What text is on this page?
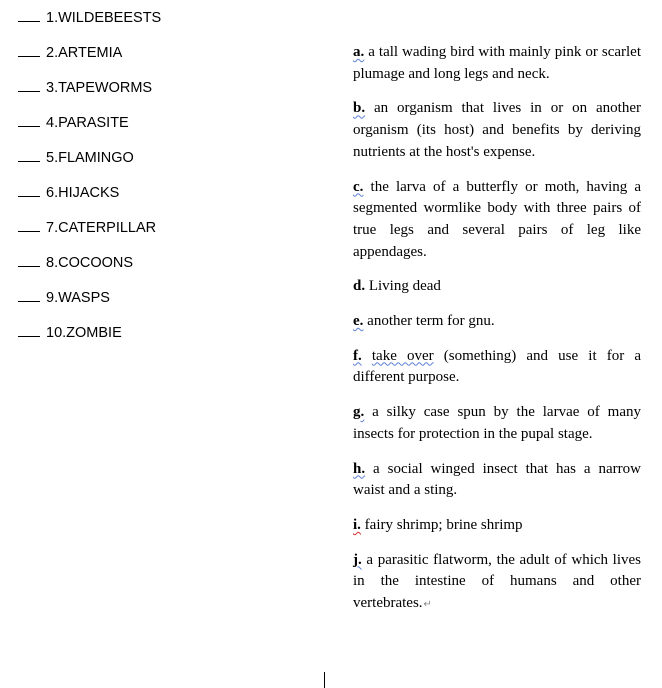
1.WILDEBEESTS
2.ARTEMIA
3.TAPEWORMS
4.PARASITE
5.FLAMINGO
6.HIJACKS
7.CATERPILLAR
8.COCOONS
9.WASPS
10.ZOMBIE
a. a tall wading bird with mainly pink or scarlet plumage and long legs and neck.
b. an organism that lives in or on another organism (its host) and benefits by deriving nutrients at the host's expense.
c. the larva of a butterfly or moth, having a segmented wormlike body with three pairs of true legs and several pairs of leg like appendages.
d. Living dead
e. another term for gnu.
f. take over (something) and use it for a different purpose.
g. a silky case spun by the larvae of many insects for protection in the pupal stage.
h. a social winged insect that has a narrow waist and a sting.
i. fairy shrimp; brine shrimp
j. a parasitic flatworm, the adult of which lives in the intestine of humans and other vertebrates.↵
